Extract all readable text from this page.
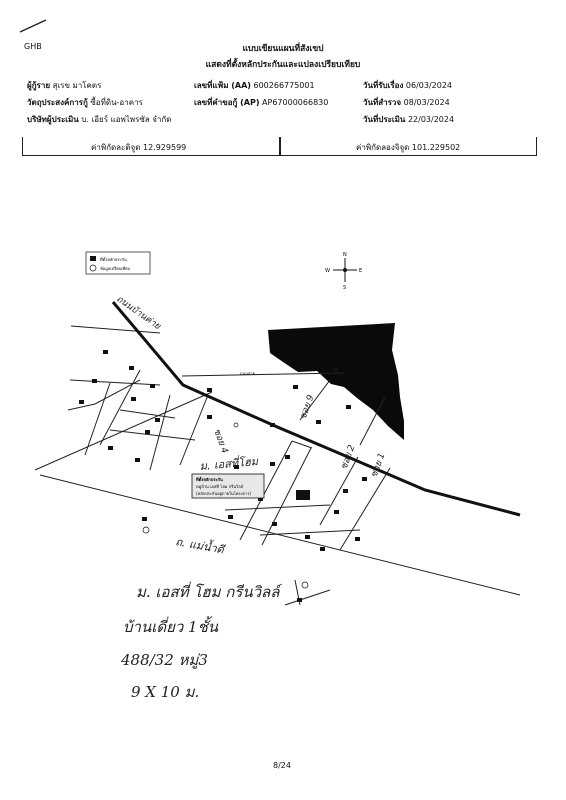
GHB	แบบเขียนแผนที่สังเขป
แสดงที่ตั้งหลักประกันและแปลงเปรียบเทียบ
ผู้กู้ราย สุเรข มาโคตร
วัตถุประสงค์การกู้ ซื้อที่ดิน-อาคาร
บริษัทผู้ประเมิน บ. เอียร์ แอพไพรซัล จำกัด
เลขที่แฟ้ม (AA) 600266775001
เลขที่คำขอกู้ (AP) AP67000066830
วันที่รับเรื่อง 06/03/2024
วันที่สำรวจ 08/03/2024
วันที่ประเมิน 22/03/2024
ค่าพิกัดละติจูด 12.929599	ค่าพิกัดลองจิจูด 101.229502
ที่ตั้งหลักประกัน
ข้อมูลเปรียบเทียบ
N
S
E
W
ที่ตั้งหลักประกัน
หมู่บ้าน เอสที่ โฮม กรีนวิลล์
(หลักประกันอยู่ภายในโครงการ)
ถนนสาย...
ถนนบ้านค่าย
ซอย 4
ซอย 9
ซอย 2 ซอย 1
ม. เอสที่โฮม
ถ. แม่น้ำดี
ม. เอสที่ โฮม กรีนวิลล์
บ้านเดี่ยว 1ชั้น
488/32 หมู่3
9 X 10 ม.
8/24
